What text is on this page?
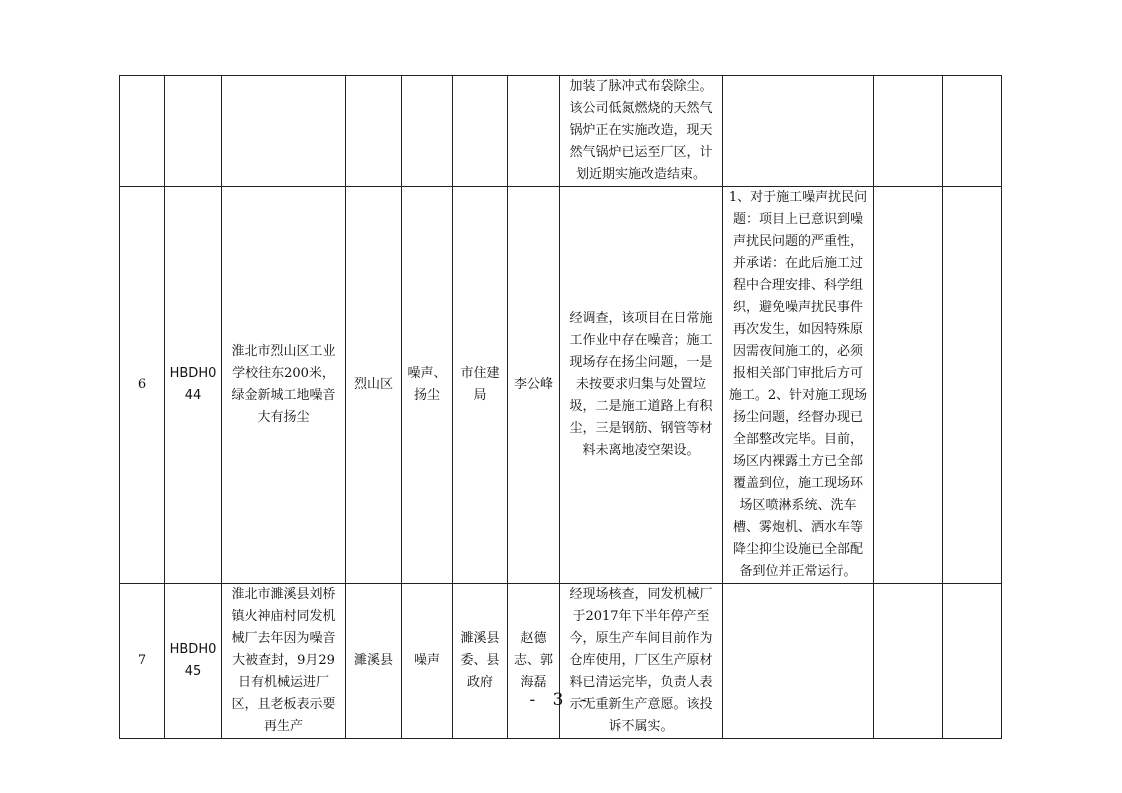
							加装了脉冲式布袋除尘。该公司低氮燃烧的天然气锅炉正在实施改造，现天然气锅炉已运至厂区，计划近期实施改造结束。			
6	HBDH044	淮北市烈山区工业学校往东200米，绿金新城工地噪音大有扬尘	烈山区	噪声、扬尘	市住建局	李公峰	经调查，该项目在日常施工作业中存在噪音；施工现场存在扬尘问题，一是未按要求归集与处置垃圾，二是施工道路上有积尘，三是钢筋、钢管等材料未离地凌空架设。	1、对于施工噪声扰民问题：项目上已意识到噪声扰民问题的严重性，并承诺：在此后施工过程中合理安排、科学组织，避免噪声扰民事件再次发生，如因特殊原因需夜间施工的，必须报相关部门审批后方可施工。2、针对施工现场扬尘问题，经督办现已全部整改完毕。目前，场区内裸露土方已全部覆盖到位，施工现场环场区喷淋系统、洗车槽、雾炮机、洒水车等降尘抑尘设施已全部配备到位并正常运行。		
7	HBDH045	淮北市濉溪县刘桥镇火神庙村同发机械厂去年因为噪音大被查封，9月29日有机械运进厂区，且老板表示要再生产	濉溪县	噪声	濉溪县委、县政府	赵德志、郭海磊	经现场核查，同发机械厂于2017年下半年停产至今，原生产车间目前作为仓库使用，厂区生产原材料已清运完毕，负责人表示无重新生产意愿。该投诉不属实。			
- 3 -
